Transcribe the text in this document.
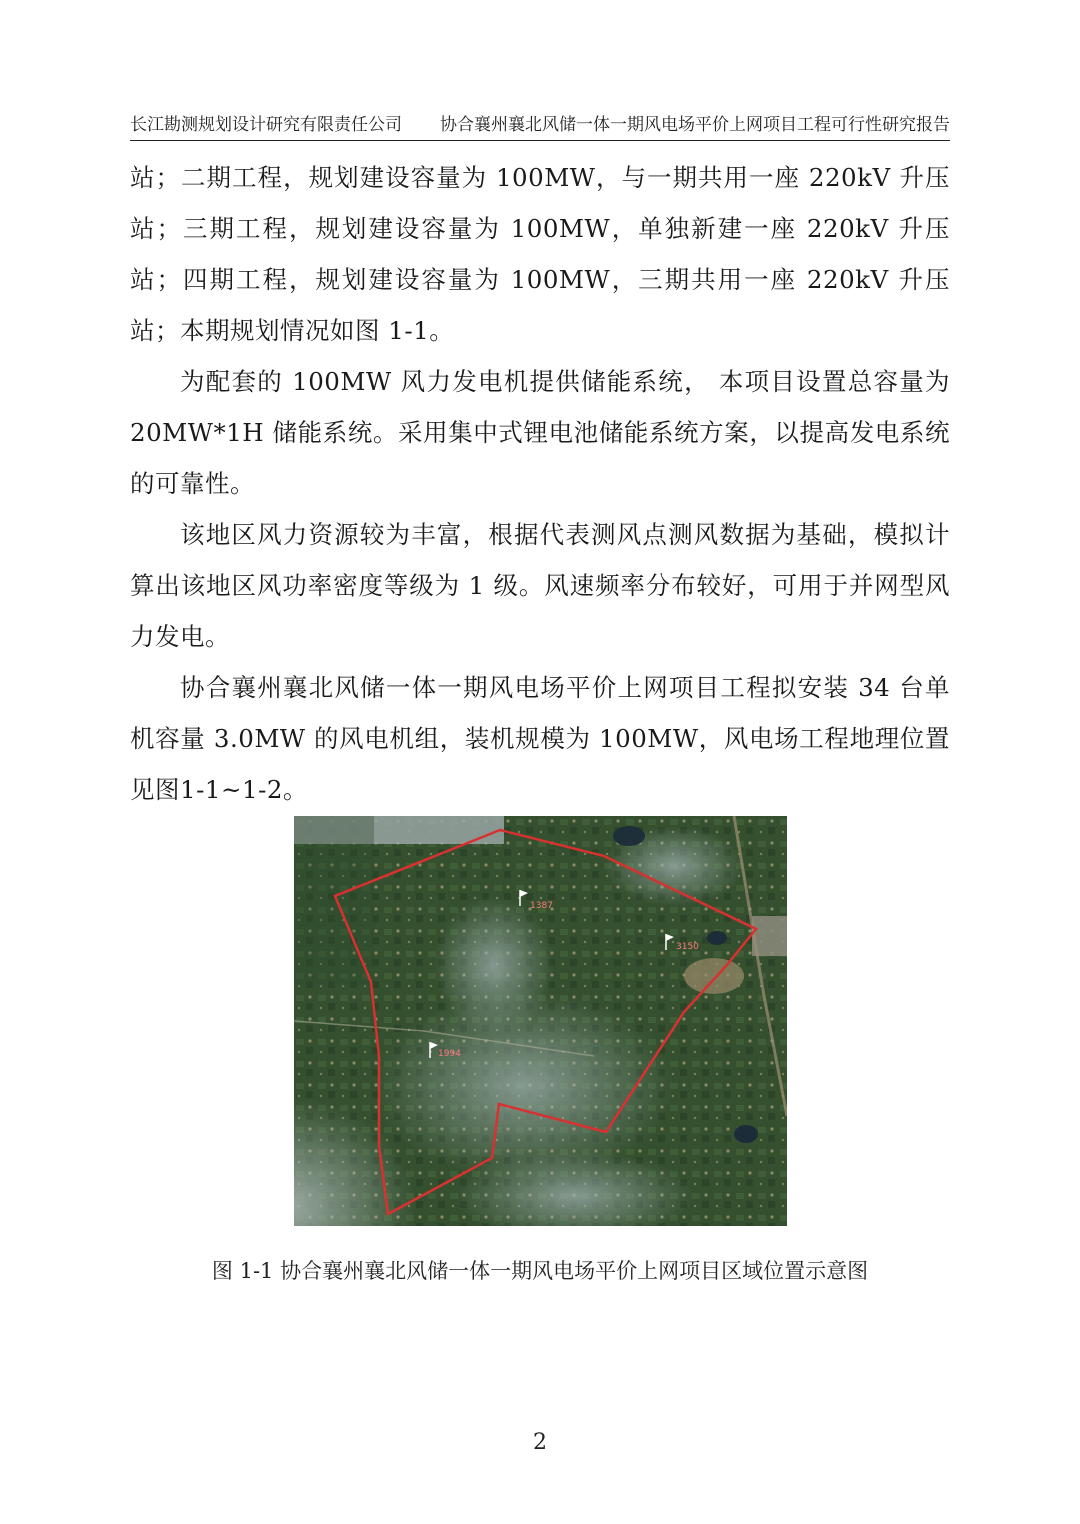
长江勘测规划设计研究有限责任公司 协合襄州襄北风储一体一期风电场平价上网项目工程可行性研究报告

站；二期工程，规划建设容量为 100MW，与一期共用一座 220kV 升压站；三期工程，规划建设容量为 100MW，单独新建一座 220kV 升压站；四期工程，规划建设容量为 100MW，三期共用一座 220kV 升压站；本期规划情况如图 1-1。

为配套的 100MW 风力发电机提供储能系统， 本项目设置总容量为20MW*1H 储能系统。采用集中式锂电池储能系统方案，以提高发电系统的可靠性。

该地区风力资源较为丰富，根据代表测风点测风数据为基础，模拟计算出该地区风功率密度等级为 1 级。风速频率分布较好，可用于并网型风力发电。

协合襄州襄北风储一体一期风电场平价上网项目工程拟安装 34 台单机容量 3.0MW 的风电机组，装机规模为 100MW，风电场工程地理位置见图1-1~1-2。

1387
3150
1994
图 1-1 协合襄州襄北风储一体一期风电场平价上网项目区域位置示意图
2
